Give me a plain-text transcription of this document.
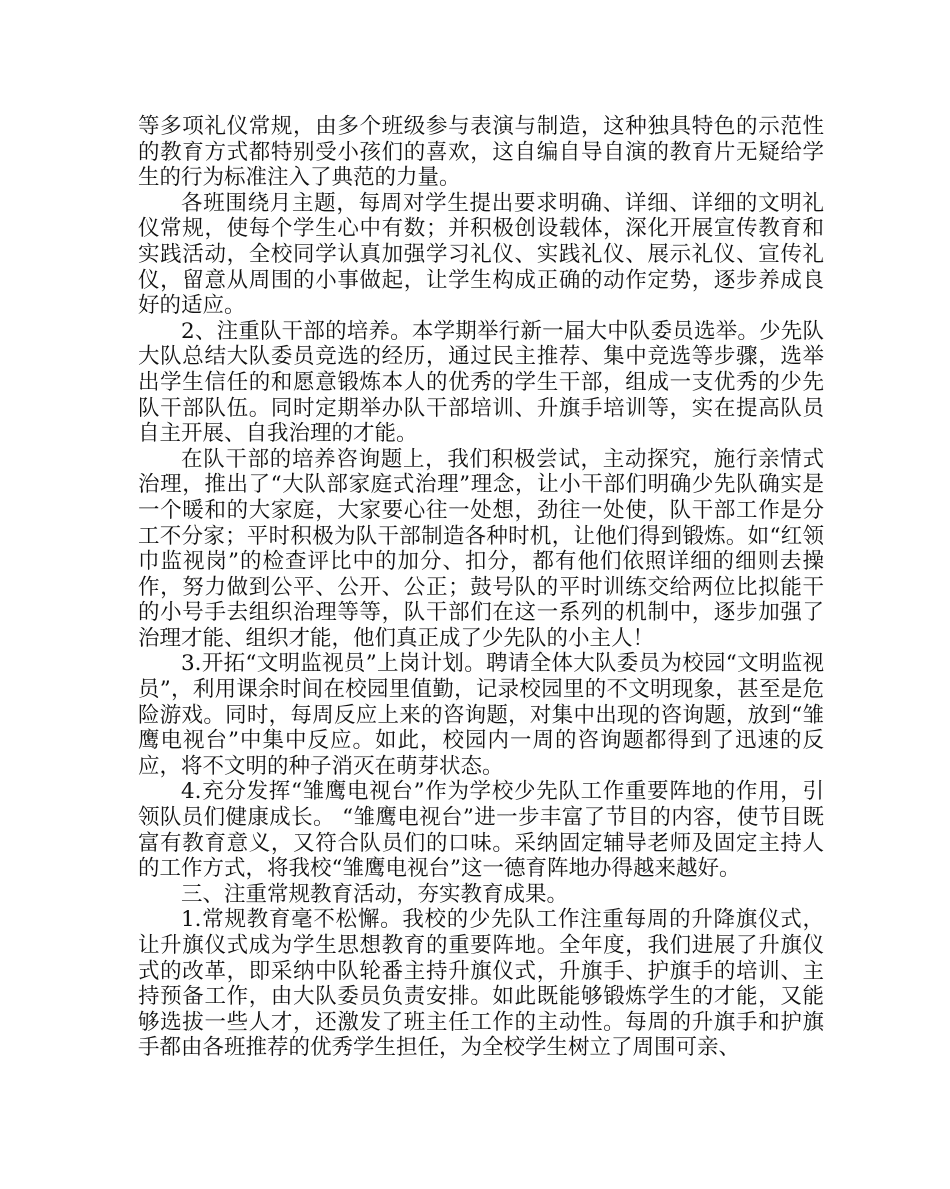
等多项礼仪常规，由多个班级参与表演与制造，这种独具特色的示范性的教育方式都特别受小孩们的喜欢，这自编自导自演的教育片无疑给学生的行为标准注入了典范的力量。

各班围绕月主题，每周对学生提出要求明确、详细、详细的文明礼仪常规，使每个学生心中有数；并积极创设载体，深化开展宣传教育和实践活动，全校同学认真加强学习礼仪、实践礼仪、展示礼仪、宣传礼仪，留意从周围的小事做起，让学生构成正确的动作定势，逐步养成良好的适应。

2、注重队干部的培养。本学期举行新一届大中队委员选举。少先队大队总结大队委员竞选的经历，通过民主推荐、集中竞选等步骤，选举出学生信任的和愿意锻炼本人的优秀的学生干部，组成一支优秀的少先队干部队伍。同时定期举办队干部培训、升旗手培训等，实在提高队员自主开展、自我治理的才能。

在队干部的培养咨询题上，我们积极尝试，主动探究，施行亲情式治理，推出了“大队部家庭式治理”理念，让小干部们明确少先队确实是一个暖和的大家庭，大家要心往一处想，劲往一处使，队干部工作是分工不分家；平时积极为队干部制造各种时机，让他们得到锻炼。如“红领巾监视岗”的检查评比中的加分、扣分，都有他们依照详细的细则去操作，努力做到公平、公开、公正；鼓号队的平时训练交给两位比拟能干的小号手去组织治理等等，队干部们在这一系列的机制中，逐步加强了治理才能、组织才能，他们真正成了少先队的小主人！

3.开拓“文明监视员”上岗计划。聘请全体大队委员为校园“文明监视员”，利用课余时间在校园里值勤，记录校园里的不文明现象，甚至是危险游戏。同时，每周反应上来的咨询题，对集中出现的咨询题，放到“雏鹰电视台”中集中反应。如此，校园内一周的咨询题都得到了迅速的反应，将不文明的种子消灭在萌芽状态。

4.充分发挥“雏鹰电视台”作为学校少先队工作重要阵地的作用，引领队员们健康成长。 “雏鹰电视台”进一步丰富了节目的内容，使节目既富有教育意义，又符合队员们的口味。采纳固定辅导老师及固定主持人的工作方式，将我校“雏鹰电视台”这一德育阵地办得越来越好。

三、注重常规教育活动，夯实教育成果。

1.常规教育毫不松懈。我校的少先队工作注重每周的升降旗仪式，让升旗仪式成为学生思想教育的重要阵地。全年度，我们进展了升旗仪式的改革，即采纳中队轮番主持升旗仪式，升旗手、护旗手的培训、主持预备工作，由大队委员负责安排。如此既能够锻炼学生的才能，又能够选拔一些人才，还激发了班主任工作的主动性。每周的升旗手和护旗手都由各班推荐的优秀学生担任，为全校学生树立了周围可亲、
